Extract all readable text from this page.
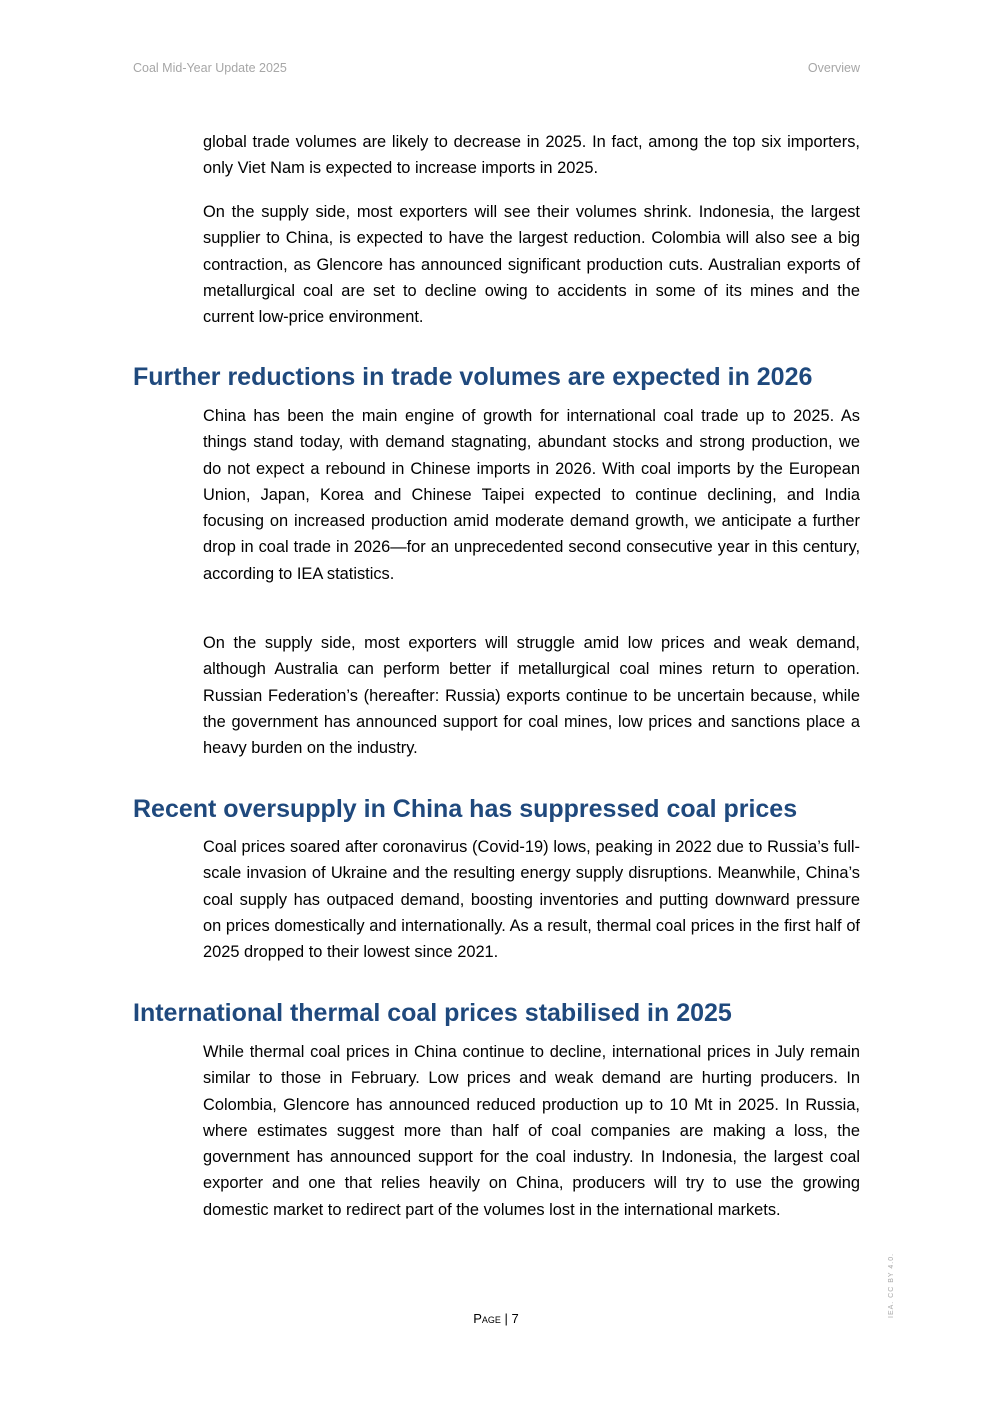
Coal Mid-Year Update 2025	Overview

global trade volumes are likely to decrease in 2025. In fact, among the top six importers, only Viet Nam is expected to increase imports in 2025.

On the supply side, most exporters will see their volumes shrink. Indonesia, the largest supplier to China, is expected to have the largest reduction. Colombia will also see a big contraction, as Glencore has announced significant production cuts. Australian exports of metallurgical coal are set to decline owing to accidents in some of its mines and the current low-price environment.

Further reductions in trade volumes are expected in 2026

China has been the main engine of growth for international coal trade up to 2025. As things stand today, with demand stagnating, abundant stocks and strong production, we do not expect a rebound in Chinese imports in 2026. With coal imports by the European Union, Japan, Korea and Chinese Taipei expected to continue declining, and India focusing on increased production amid moderate demand growth, we anticipate a further drop in coal trade in 2026—for an unprecedented second consecutive year in this century, according to IEA statistics.

On the supply side, most exporters will struggle amid low prices and weak demand, although Australia can perform better if metallurgical coal mines return to operation. Russian Federation’s (hereafter: Russia) exports continue to be uncertain because, while the government has announced support for coal mines, low prices and sanctions place a heavy burden on the industry.

Recent oversupply in China has suppressed coal prices

Coal prices soared after coronavirus (Covid-19) lows, peaking in 2022 due to Russia’s full-scale invasion of Ukraine and the resulting energy supply disruptions. Meanwhile, China’s coal supply has outpaced demand, boosting inventories and putting downward pressure on prices domestically and internationally. As a result, thermal coal prices in the first half of 2025 dropped to their lowest since 2021.

International thermal coal prices stabilised in 2025

While thermal coal prices in China continue to decline, international prices in July remain similar to those in February. Low prices and weak demand are hurting producers. In Colombia, Glencore has announced reduced production up to 10 Mt in 2025. In Russia, where estimates suggest more than half of coal companies are making a loss, the government has announced support for the coal industry. In Indonesia, the largest coal exporter and one that relies heavily on China, producers will try to use the growing domestic market to redirect part of the volumes lost in the international markets.

Page | 7
IEA. CC BY 4.0.
